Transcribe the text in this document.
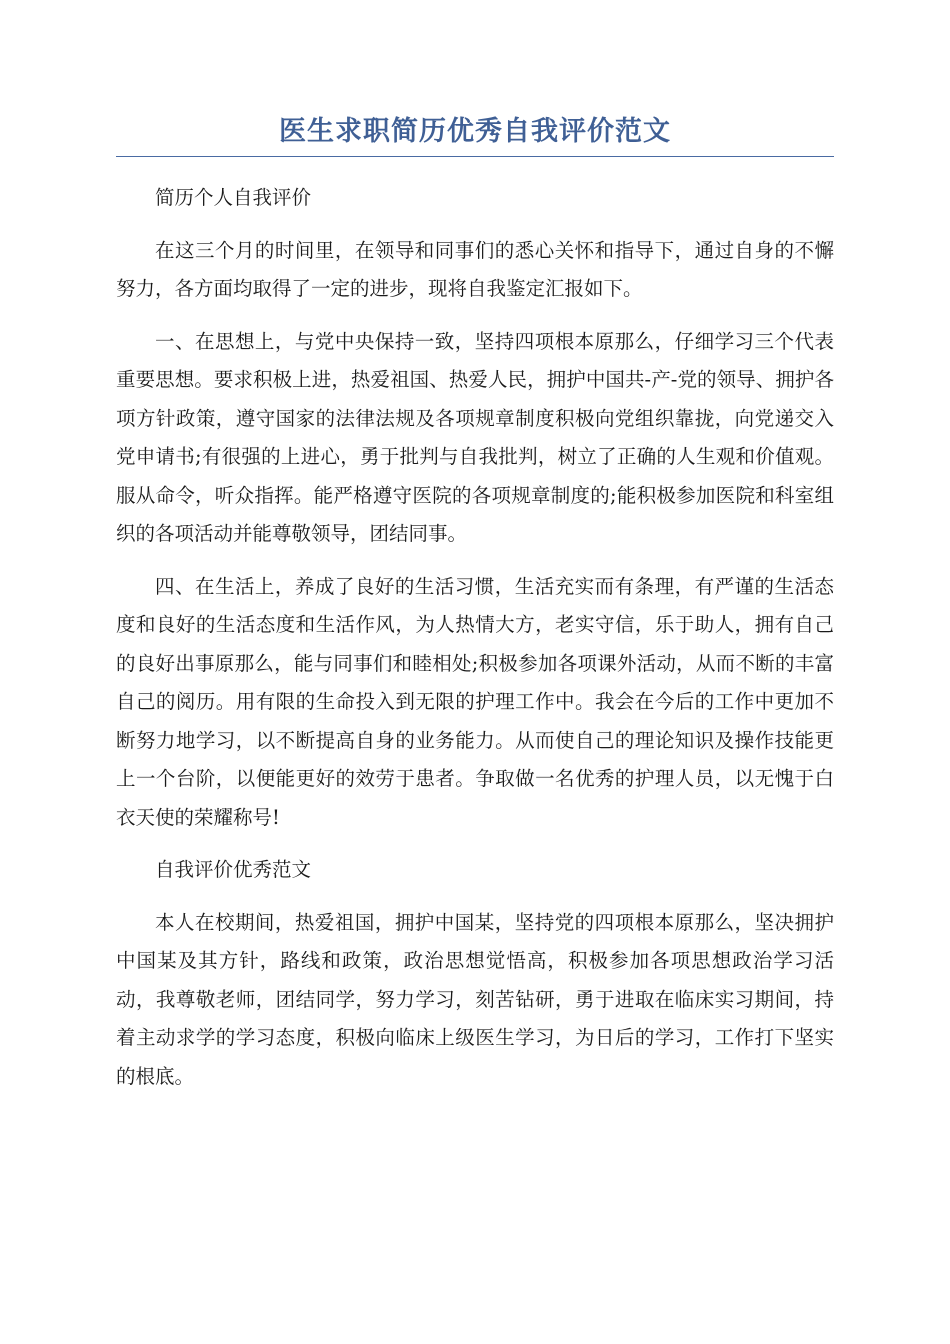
医生求职简历优秀自我评价范文

简历个人自我评价

在这三个月的时间里，在领导和同事们的悉心关怀和指导下，通过自身的不懈努力，各方面均取得了一定的进步，现将自我鉴定汇报如下。

一、在思想上，与党中央保持一致，坚持四项根本原那么，仔细学习三个代表重要思想。要求积极上进，热爱祖国、热爱人民，拥护中国共-产-党的领导、拥护各项方针政策，遵守国家的法律法规及各项规章制度积极向党组织靠拢，向党递交入党申请书;有很强的上进心，勇于批判与自我批判，树立了正确的人生观和价值观。服从命令，听众指挥。能严格遵守医院的各项规章制度的;能积极参加医院和科室组织的各项活动并能尊敬领导，团结同事。

四、在生活上，养成了良好的生活习惯，生活充实而有条理，有严谨的生活态度和良好的生活态度和生活作风，为人热情大方，老实守信，乐于助人，拥有自己的良好出事原那么，能与同事们和睦相处;积极参加各项课外活动，从而不断的丰富自己的阅历。用有限的生命投入到无限的护理工作中。我会在今后的工作中更加不断努力地学习，以不断提高自身的业务能力。从而使自己的理论知识及操作技能更上一个台阶，以便能更好的效劳于患者。争取做一名优秀的护理人员，以无愧于白衣天使的荣耀称号!

自我评价优秀范文

本人在校期间，热爱祖国，拥护中国某，坚持党的四项根本原那么，坚决拥护中国某及其方针，路线和政策，政治思想觉悟高，积极参加各项思想政治学习活动，我尊敬老师，团结同学，努力学习，刻苦钻研，勇于进取在临床实习期间，持着主动求学的学习态度，积极向临床上级医生学习，为日后的学习，工作打下坚实的根底。
